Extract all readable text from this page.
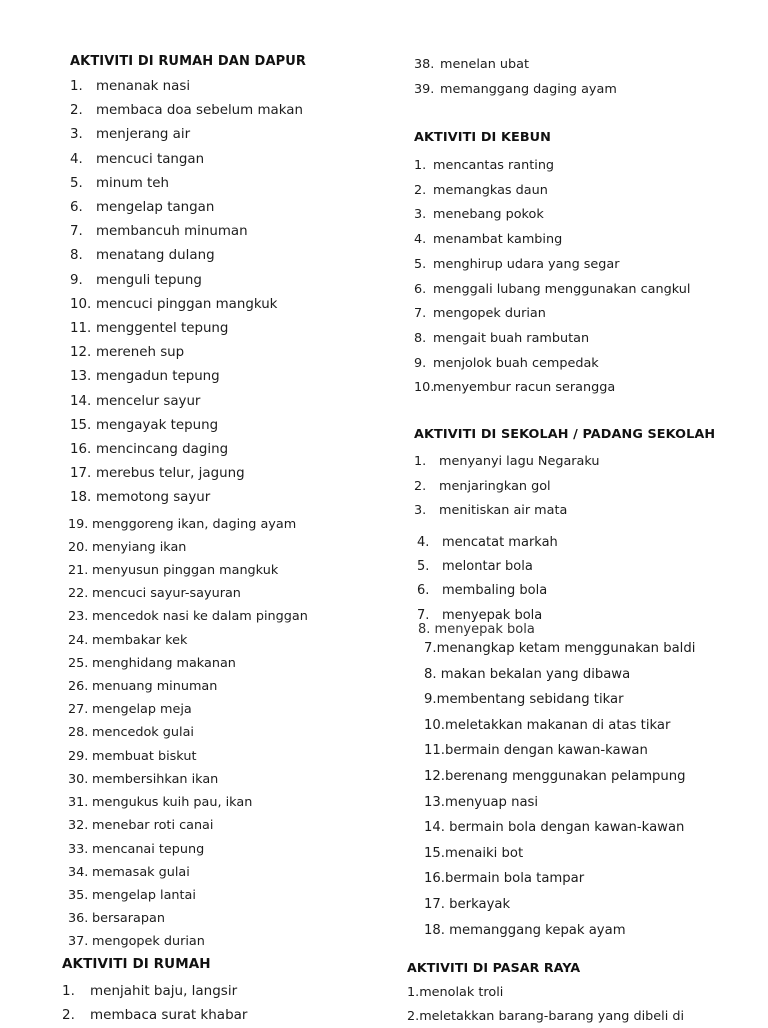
AKTIVITI DI RUMAH DAN DAPUR
1. menanak nasi
2. membaca doa sebelum makan
3. menjerang air
4. mencuci tangan
5. minum teh
6. mengelap tangan
7. membancuh minuman
8. menatang dulang
9. menguli tepung
10. mencuci pinggan mangkuk
11. menggentel tepung
12. mereneh sup
13. mengadun tepung
14. mencelur sayur
15. mengayak tepung
16. mencincang daging
17. merebus telur, jagung
18. memotong sayur
19. menggoreng ikan, daging ayam
20. menyiang ikan
21. menyusun pinggan mangkuk
22. mencuci sayur-sayuran
23. mencedok nasi ke dalam pinggan
24. membakar kek
25. menghidang makanan
26. menuang minuman
27. mengelap meja
28. mencedok gulai
29. membuat biskut
30. membersihkan ikan
31. mengukus kuih pau, ikan
32. menebar roti canai
33. mencanai tepung
34. memasak gulai
35. mengelap lantai
36. bersarapan
37. mengopek durian
AKTIVITI DI RUMAH
1.	menjahit baju, langsir
2.	membaca surat khabar
38. menelan ubat
39. memanggang daging ayam
AKTIVITI DI KEBUN
1. mencantas ranting
2. memangkas daun
3. menebang pokok
4. menambat kambing
5. menghirup udara yang segar
6. menggali lubang menggunakan cangkul
7. mengopek durian
8. mengait buah rambutan
9. menjolok buah cempedak
10.
menyembur racun serangga
AKTIVITI DI SEKOLAH / PADANG SEKOLAH
1. menyanyi lagu Negaraku
2. menjaringkan gol
3. menitiskan air mata
4. mencatat markah
5. melontar bola
6. membaling bola
7. menyepak bola
8. menyepak bola
7. menangkap ketam menggunakan baldi
8. makan bekalan yang dibawa
9. membentang sebidang tikar
10. meletakkan makanan di atas tikar
11. bermain dengan kawan-kawan
12. berenang menggunakan pelampung
13. menyuap nasi
14. bermain bola dengan kawan-kawan
15. menaiki bot
16. bermain bola tampar
17. berkayak
18. memanggang kepak ayam
AKTIVITI DI PASAR RAYA
1. menolak troli
2. meletakkan barang-barang yang dibeli di
